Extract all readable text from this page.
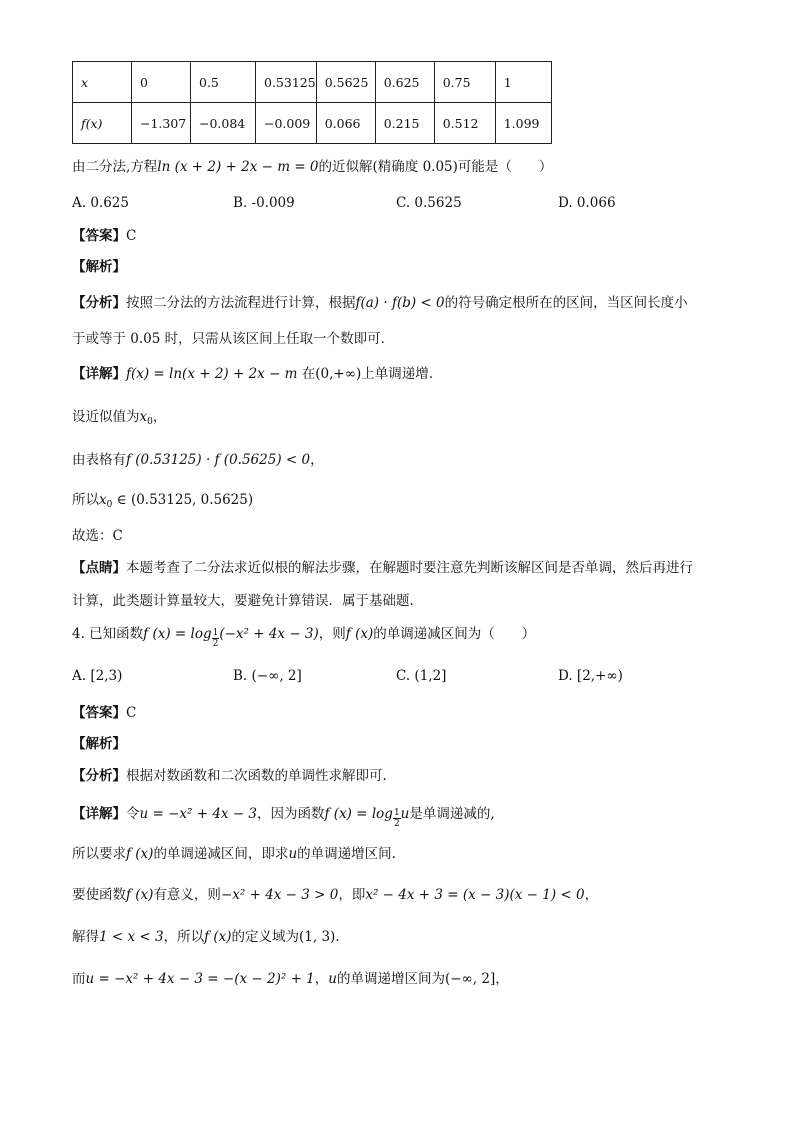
x	0	0.5	0.53125	0.5625	0.625	0.75	1
f(x)	−1.307	−0.084	−0.009	0.066	0.215	0.512	1.099
由二分法,方程ln (x + 2) + 2x − m = 0的近似解(精确度 0.05)可能是（　　）
A. 0.625	B. -0.009	C. 0.5625	D. 0.066
【答案】C
【解析】
【分析】按照二分法的方法流程进行计算，根据f(a) · f(b) < 0的符号确定根所在的区间，当区间长度小
于或等于 0.05 时，只需从该区间上任取一个数即可．
【详解】f(x) = ln(x + 2) + 2x − m 在(0,+∞)上单调递增.
设近似值为$x_0$，
由表格有f (0.53125) · f (0.5625) < 0，
所以$x_0$ ∈ (0.53125, 0.5625)
故选：C
【点睛】本题考查了二分法求近似根的解法步骤，在解题时要注意先判断该解区间是否单调，然后再进行
计算，此类题计算量较大，要避免计算错误．属于基础题.
4. 已知函数f $(x) = \log \frac{1}{2} (-x^2 + 4x - 3)$，则f (x)的单调递减区间为（　　）
A. [2,3)	B. (−∞, 2]	C. (1,2]	D. [2,+∞)
【答案】C
【解析】
【分析】根据对数函数和二次函数的单调性求解即可.
【详解】令u = −x² + 4x − 3，因为函数f $(x) = \log \frac{1}{2}$ u是单调递减的,
所以要求f (x)的单调递减区间，即求u的单调递增区间.
要使函数f (x)有意义，则−x² + 4x − 3 > 0，即x² − 4x + 3 = (x − 3)(x − 1) < 0，
解得1 < x < 3，所以f (x)的定义域为(1, 3).
而u = −x² + 4x − 3 = −(x − 2)² + 1，u的单调递增区间为(−∞, 2]，
